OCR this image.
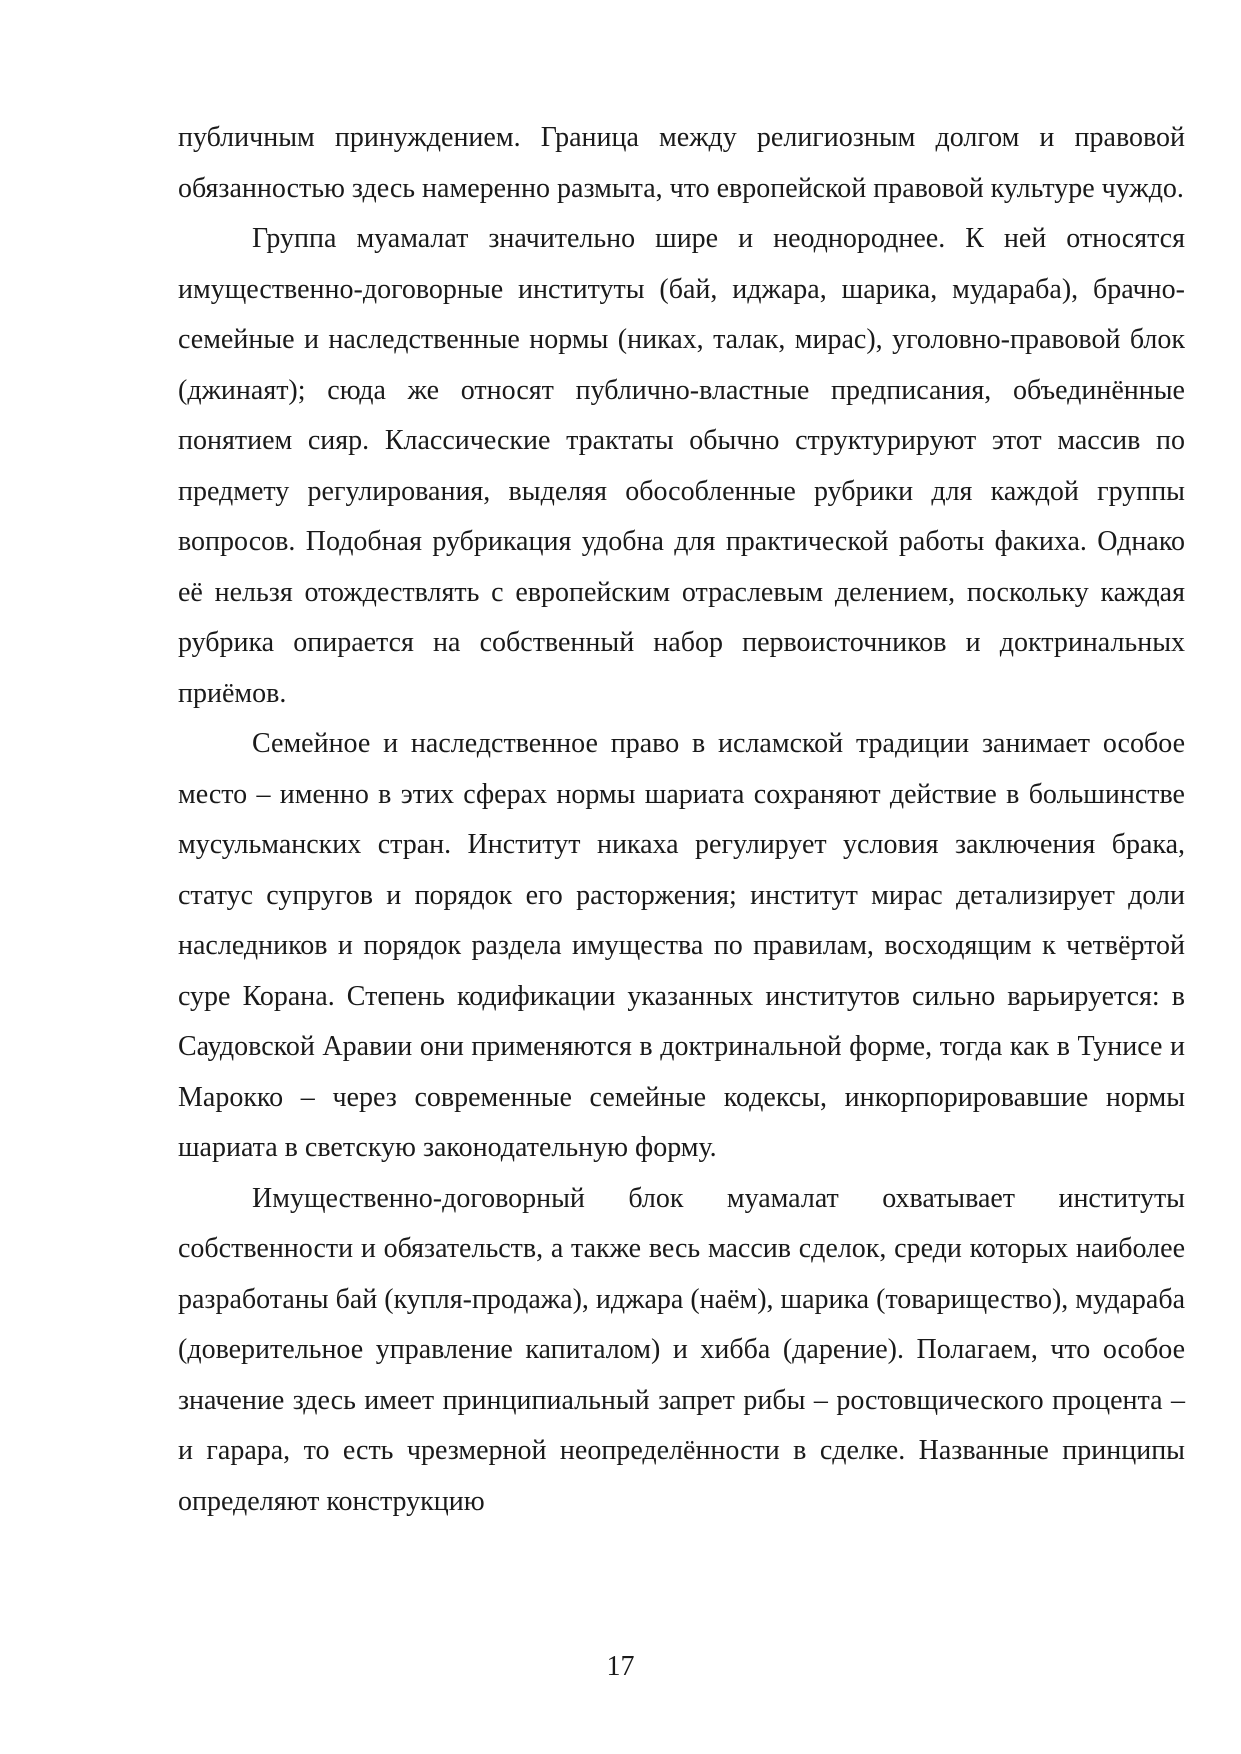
публичным принуждением. Граница между религиозным долгом и правовой обязанностью здесь намеренно размыта, что европейской правовой культуре чуждо.

Группа муамалат значительно шире и неоднороднее. К ней относятся имущественно-договорные институты (бай, иджара, шарика, мудараба), брачно-семейные и наследственные нормы (никах, талак, мирас), уголовно-правовой блок (джинаят); сюда же относят публично-властные предписания, объединённые понятием сияр. Классические трактаты обычно структурируют этот массив по предмету регулирования, выделяя обособленные рубрики для каждой группы вопросов. Подобная рубрикация удобна для практической работы факиха. Однако её нельзя отождествлять с европейским отраслевым делением, поскольку каждая рубрика опирается на собственный набор первоисточников и доктринальных приёмов.

Семейное и наследственное право в исламской традиции занимает особое место – именно в этих сферах нормы шариата сохраняют действие в большинстве мусульманских стран. Институт никаха регулирует условия заключения брака, статус супругов и порядок его расторжения; институт мирас детализирует доли наследников и порядок раздела имущества по правилам, восходящим к четвёртой суре Корана. Степень кодификации указанных институтов сильно варьируется: в Саудовской Аравии они применяются в доктринальной форме, тогда как в Тунисе и Марокко – через современные семейные кодексы, инкорпорировавшие нормы шариата в светскую законодательную форму.

Имущественно-договорный блок муамалат охватывает институты собственности и обязательств, а также весь массив сделок, среди которых наиболее разработаны бай (купля-продажа), иджара (наём), шарика (товарищество), мудараба (доверительное управление капиталом) и хибба (дарение). Полагаем, что особое значение здесь имеет принципиальный запрет рибы – ростовщического процента – и гарара, то есть чрезмерной неопределённости в сделке. Названные принципы определяют конструкцию

17
